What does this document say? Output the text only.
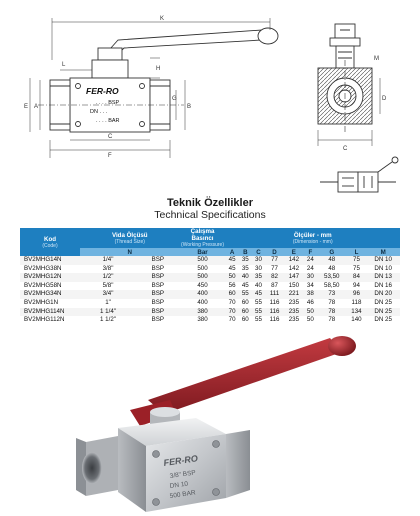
K
L
H
E A	B
G
C
F
FER-RO
. . . . BSP
DN . . .
. . . . BAR
C
D
M
Teknik Özellikler
Technical Specifications
Kod
(Code)	Vida Ölçüsü
(Thread Size)		Çalışma Basıncı
(Working Pressure)	Ölçüler - mm
(Dimension - mm)								

	N		Bar	A	B	C	D	E	F	G	L	M
BV2MHG14N	1/4"	BSP	500	45	35	30	77	142	24	48	75	DN 10
BV2MHG38N	3/8"	BSP	500	45	35	30	77	142	24	48	75	DN 10
BV2MHG12N	1/2"	BSP	500	50	40	35	82	147	30	53,50	84	DN 13
BV2MHG58N	5/8"	BSP	450	56	45	40	87	150	34	58,50	94	DN 16
BV2MHG34N	3/4"	BSP	400	60	55	45	111	221	38	73	96	DN 20
BV2MHG1N	1"	BSP	400	70	60	55	116	235	46	78	118	DN 25
BV2MHG114N	1 1/4"	BSP	380	70	60	55	116	235	50	78	134	DN 25
BV2MHG112N	1 1/2"	BSP	380	70	60	55	116	235	50	78	140	DN 25
FER-RO
3/8" BSP
DN 10
500 BAR
